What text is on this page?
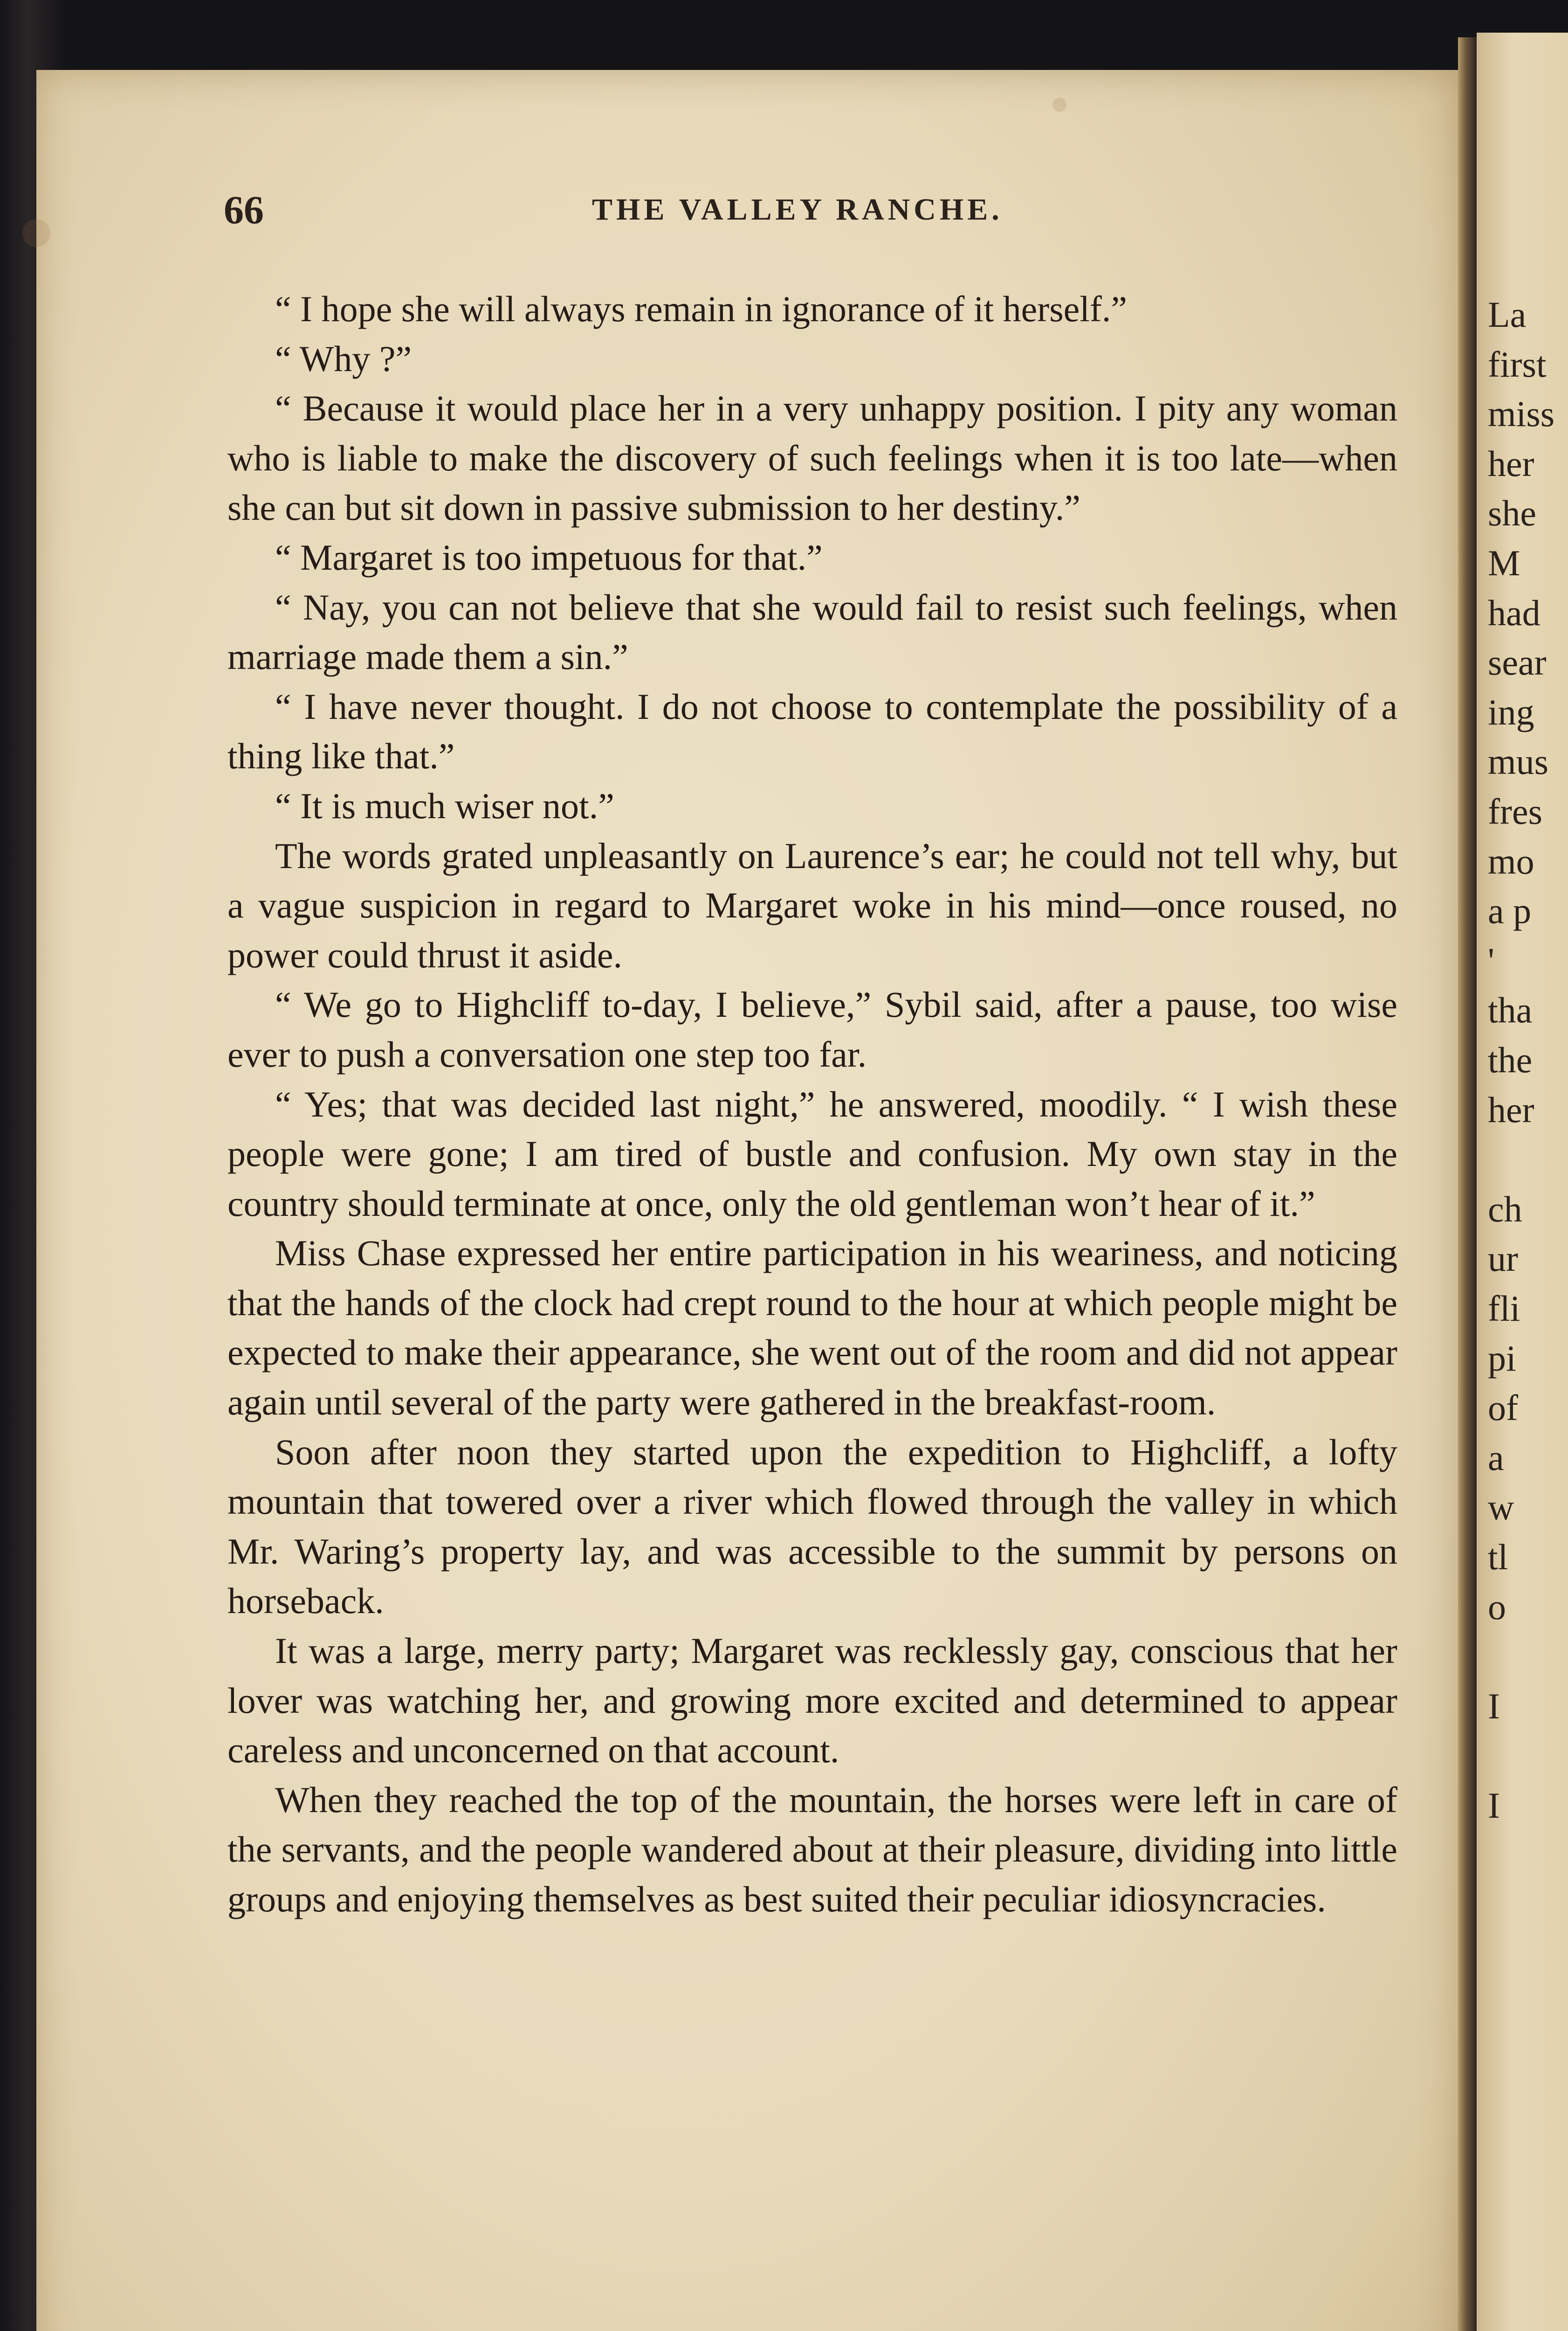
La
first
miss
her
she
M
had
sear
ing
mus
fres
mo
a p
'
tha
the
her
ch
ur
fli
pi
of
a
w
tl
o
I
I
66	THE VALLEY RANCHE.

“ I hope she will always remain in ignorance of it herself.”

“ Why ?”

“ Because it would place her in a very unhappy position. I pity any woman who is liable to make the discovery of such feelings when it is too late—when she can but sit down in passive submission to her destiny.”

“ Margaret is too impetuous for that.”

“ Nay, you can not believe that she would fail to resist such feelings, when marriage made them a sin.”

“ I have never thought. I do not choose to contemplate the possibility of a thing like that.”

“ It is much wiser not.”

The words grated unpleasantly on Laurence’s ear; he could not tell why, but a vague suspicion in regard to Margaret woke in his mind—once roused, no power could thrust it aside.

“ We go to Highcliff to-day, I believe,” Sybil said, after a pause, too wise ever to push a conversation one step too far.

“ Yes; that was decided last night,” he answered, moodily. “ I wish these people were gone; I am tired of bustle and confusion. My own stay in the country should terminate at once, only the old gentleman won’t hear of it.”

Miss Chase expressed her entire participation in his weariness, and noticing that the hands of the clock had crept round to the hour at which people might be expected to make their appearance, she went out of the room and did not appear again until several of the party were gathered in the breakfast-room.

Soon after noon they started upon the expedition to Highcliff, a lofty mountain that towered over a river which flowed through the valley in which Mr. Waring’s property lay, and was accessible to the summit by persons on horseback.

It was a large, merry party; Margaret was recklessly gay, conscious that her lover was watching her, and growing more excited and determined to appear careless and unconcerned on that account.

When they reached the top of the mountain, the horses were left in care of the servants, and the people wandered about at their pleasure, dividing into little groups and enjoying themselves as best suited their peculiar idiosyncracies.
